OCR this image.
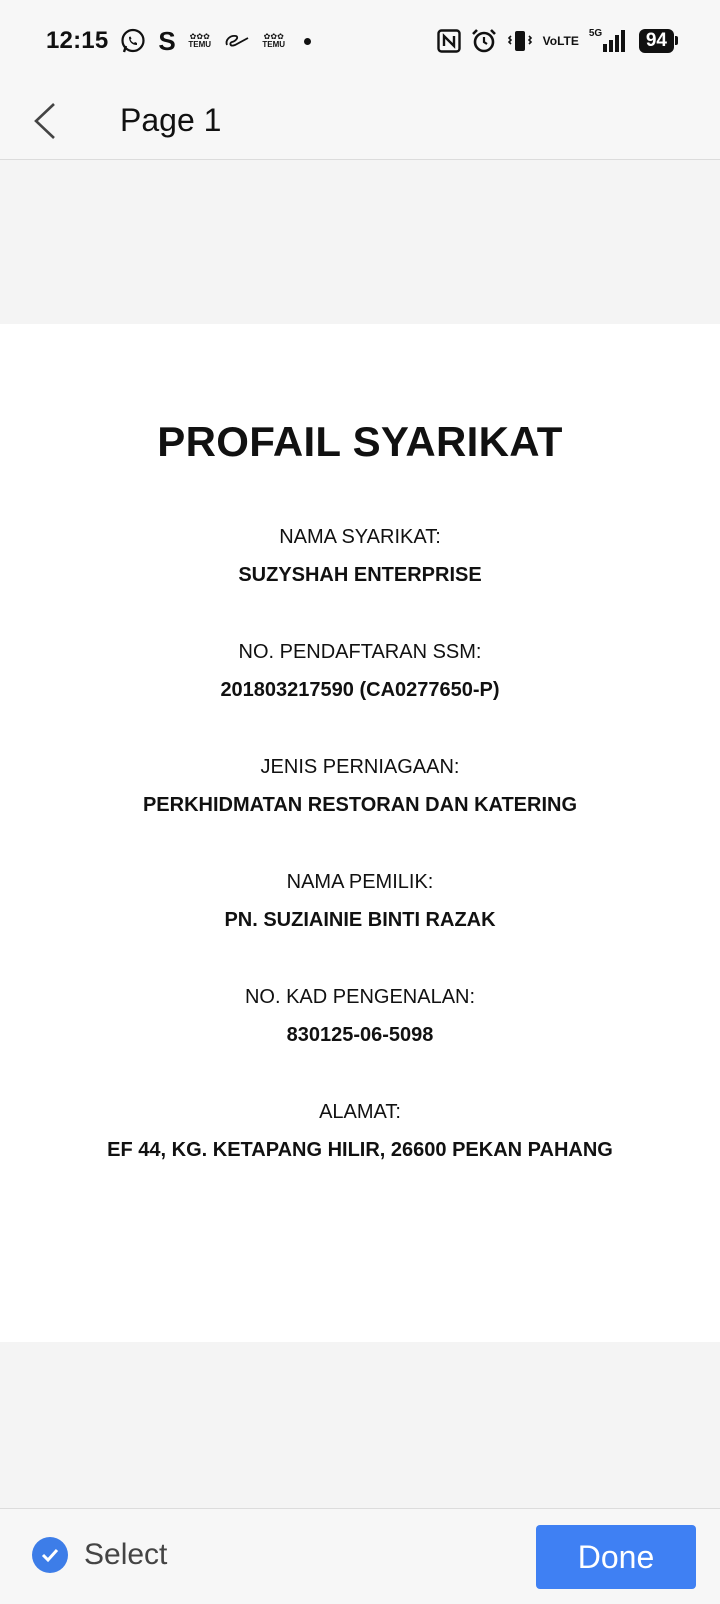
12:15 S ✿✿✿
TEMU
✿✿✿
TEMU	Vo LTE
5G	94
Page 1
PROFAIL SYARIKAT
NAMA SYARIKAT:
SUZYSHAH ENTERPRISE
NO. PENDAFTARAN SSM:
201803217590 (CA0277650-P)
JENIS PERNIAGAAN:
PERKHIDMATAN RESTORAN DAN KATERING
NAMA PEMILIK:
PN. SUZIAINIE BINTI RAZAK
NO. KAD PENGENALAN:
830125-06-5098
ALAMAT:
EF 44, KG. KETAPANG HILIR, 26600 PEKAN PAHANG
Select	Done
